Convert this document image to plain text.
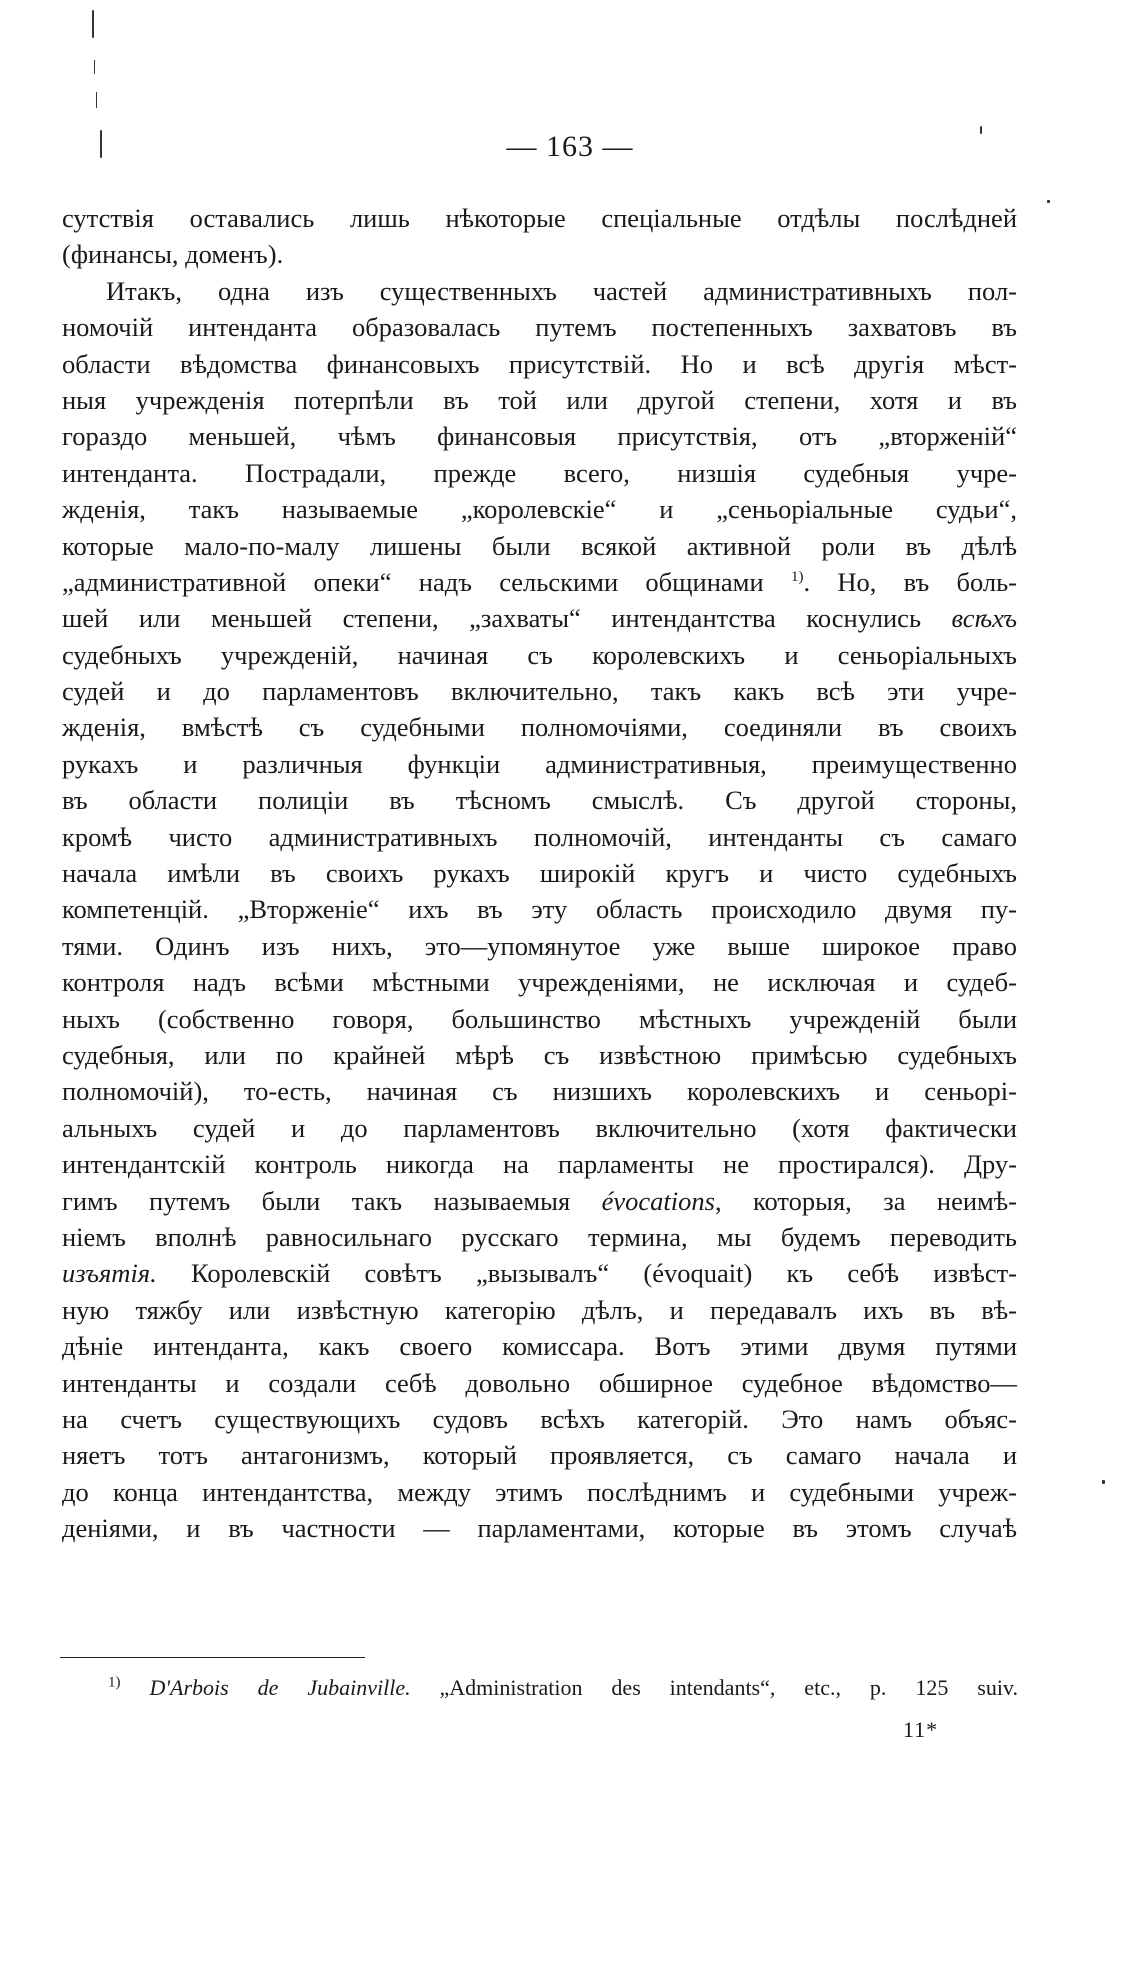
— 163 —
сутствія оставались лишь нѣкоторые спеціальные отдѣлы послѣдней
(финансы, доменъ).
Итакъ, одна изъ существенныхъ частей административныхъ пол-
номочій интенданта образовалась путемъ постепенныхъ захватовъ въ
области вѣдомства финансовыхъ присутствій. Но и всѣ другія мѣст-
ныя учрежденія потерпѣли въ той или другой степени, хотя и въ
гораздо меньшей, чѣмъ финансовыя присутствія, отъ „вторженій“
интенданта. Пострадали, прежде всего, низшія судебныя учре-
жденія, такъ называемые „королевскіе“ и „сеньоріальные судьи“,
которые мало-по-малу лишены были всякой активной роли въ дѣлѣ
„административной опеки“ надъ сельскими общинами $^{1)}$. Но, въ боль-
шей или меньшей степени, „захваты“ интендантства коснулись всѣхъ
судебныхъ учрежденій, начиная съ королевскихъ и сеньоріальныхъ
судей и до парламентовъ включительно, такъ какъ всѣ эти учре-
жденія, вмѣстѣ съ судебными полномочіями, соединяли въ своихъ
рукахъ и различныя функціи административныя, преимущественно
въ области полиціи въ тѣсномъ смыслѣ. Съ другой стороны,
кромѣ чисто административныхъ полномочій, интенданты съ самаго
начала имѣли въ своихъ рукахъ широкій кругъ и чисто судебныхъ
компетенцій. „Вторженіе“ ихъ въ эту область происходило двумя пу-
тями. Одинъ изъ нихъ, это—упомянутое уже выше широкое право
контроля надъ всѣми мѣстными учрежденіями, не исключая и судеб-
ныхъ (собственно говоря, большинство мѣстныхъ учрежденій были
судебныя, или по крайней мѣрѣ съ извѣстною примѣсью судебныхъ
полномочій), то-есть, начиная съ низшихъ королевскихъ и сеньорі-
альныхъ судей и до парламентовъ включительно (хотя фактически
интендантскій контроль никогда на парламенты не простирался). Дру-
гимъ путемъ были такъ называемыя évocations, которыя, за неимѣ-
ніемъ вполнѣ равносильнаго русскаго термина, мы будемъ переводить
изъятія. Королевскій совѣтъ „вызывалъ“ (évoquait) къ себѣ извѣст-
ную тяжбу или извѣстную категорію дѣлъ, и передавалъ ихъ въ вѣ-
дѣніе интенданта, какъ своего комиссара. Вотъ этими двумя путями
интенданты и создали себѣ довольно обширное судебное вѣдомство—
на счетъ существующихъ судовъ всѣхъ категорій. Это намъ объяс-
няетъ тотъ антагонизмъ, который проявляется, съ самаго начала и
до конца интендантства, между этимъ послѣднимъ и судебными учреж-
деніями, и въ частности — парламентами, которые въ этомъ случаѣ
$^{1)}$ D'Arbois de Jubainville. „Administration des intendants“, etc., p. 125 suiv.
11*
